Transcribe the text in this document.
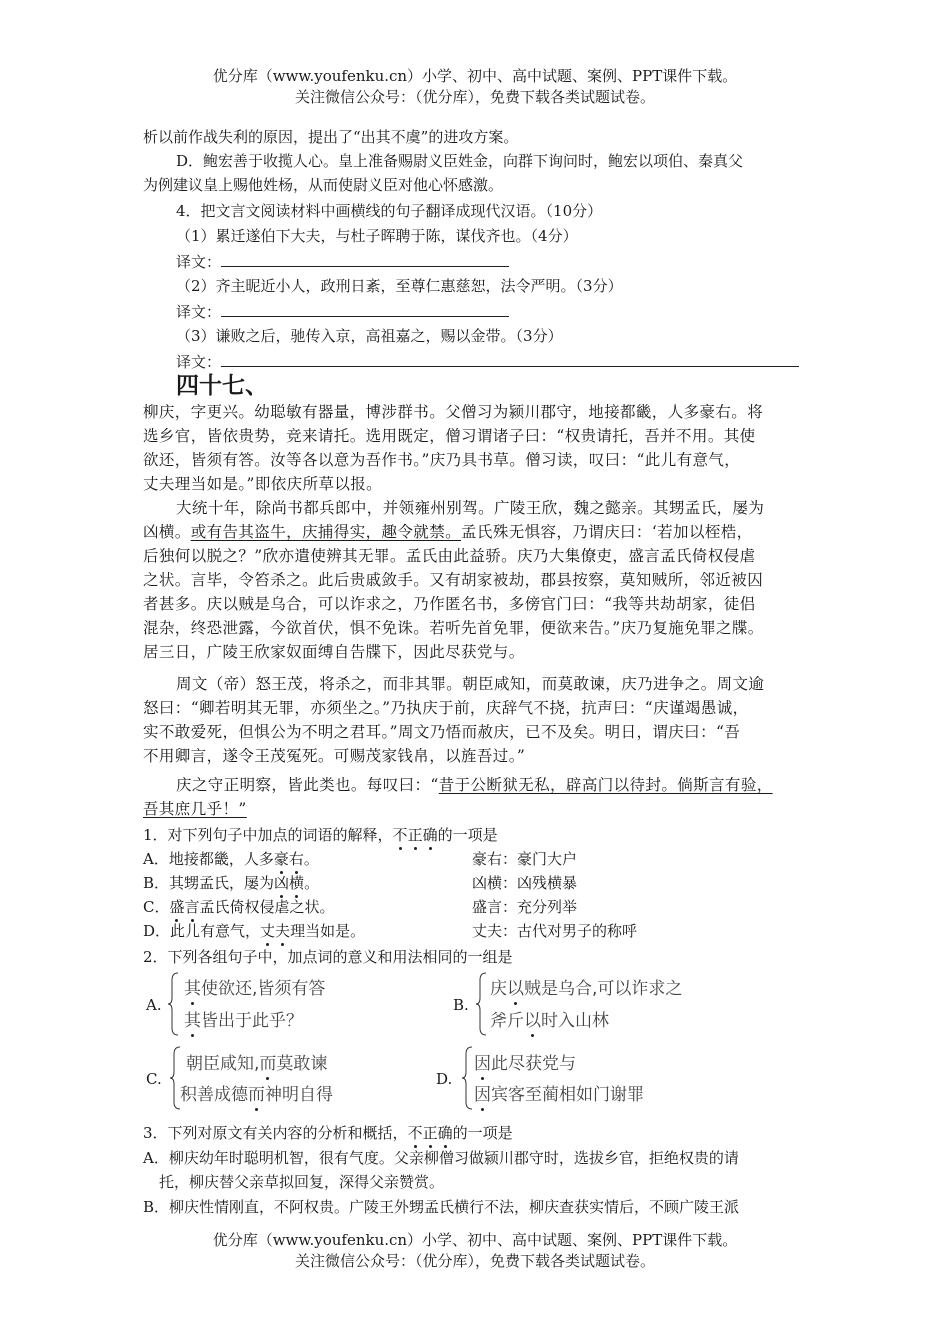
优分库（www.youfenku.cn）小学、初中、高中试题、案例、PPT课件下载。
关注微信公众号：（优分库），免费下载各类试题试卷。
析以前作战失利的原因，提出了“出其不虞”的进攻方案。
D．鲍宏善于收揽人心。皇上准备赐尉义臣姓金，向群下询问时，鲍宏以项伯、秦真父
为例建议皇上赐他姓杨，从而使尉义臣对他心怀感激。
4．把文言文阅读材料中画横线的句子翻译成现代汉语。（10分）
（1）累迁遂伯下大夫，与杜子晖聘于陈，谋伐齐也。（4分）
译文：
（2）齐主昵近小人，政刑日紊，至尊仁惠慈恕，法令严明。（3分）
译文：
（3）谦败之后，驰传入京，高祖嘉之，赐以金带。（3分）
译文：
四十七、
柳庆，字更兴。幼聪敏有器量，博涉群书。父僧习为颍川郡守，地接都畿，人多豪右。将
选乡官，皆依贵势，竞来请托。选用既定，僧习谓诸子曰：“权贵请托，吾并不用。其使
欲还，皆须有答。汝等各以意为吾作书。”庆乃具书草。僧习读，叹曰：“此儿有意气，
丈夫理当如是。”即依庆所草以报。
大统十年，除尚书都兵郎中，并领雍州别驾。广陵王欣，魏之懿亲。其甥孟氏，屡为
凶横。或有告其盗牛，庆捕得实，趣令就禁。孟氏殊无惧容，乃谓庆曰：‘若加以桎梏，
后独何以脱之？”欣亦遣使辨其无罪。孟氏由此益骄。庆乃大集僚吏，盛言孟氏倚权侵虐
之状。言毕，令笞杀之。此后贵戚敛手。又有胡家被劫，郡县按察，莫知贼所，邻近被囚
者甚多。庆以贼是乌合，可以诈求之，乃作匿名书，多傍官门曰：“我等共劫胡家，徒侣
混杂，终恐泄露，今欲首伏，惧不免诛。若听先首免罪，便欲来告。”庆乃复施免罪之牒。
居三日，广陵王欣家奴面缚自告牒下，因此尽获党与。
周文（帝）怒王茂，将杀之，而非其罪。朝臣咸知，而莫敢谏，庆乃进争之。周文逾
怒曰：“卿若明其无罪，亦须坐之。”乃执庆于前，庆辞气不挠，抗声曰：“庆谨竭愚诚，
实不敢爱死，但惧公为不明之君耳。”周文乃悟而赦庆，已不及矣。明日，谓庆曰：“吾
不用卿言，遂令王茂冤死。可赐茂家钱帛，以旌吾过。”
庆之守正明察，皆此类也。每叹曰：“昔于公断狱无私，辟高门以待封。倘斯言有验，
吾其庶几乎！”
1．对下列句子中加点的词语的解释，不正确的一项是
A．地接都畿，人多豪右。	豪右：豪门大户
B．其甥孟氏，屡为凶横。	凶横：凶残横暴
C．盛言孟氏倚权侵虐之状。	盛言：充分列举
D．此儿有意气，丈夫理当如是。	丈夫：古代对男子的称呼
2．下列各组句子中，加点词的意义和用法相同的一组是
A.
其使欲还,皆须有答
其皆出于此乎？
B.
庆以贼是乌合,可以诈求之
斧斤以时入山林
C.
朝臣咸知,而莫敢谏
积善成德而神明自得
D.
因此尽获党与
因宾客至蔺相如门谢罪
3．下列对原文有关内容的分析和概括，不正确的一项是
A．柳庆幼年时聪明机智，很有气度。父亲柳僧习做颍川郡守时，选拔乡官，拒绝权贵的请
托，柳庆替父亲草拟回复，深得父亲赞赏。
B．柳庆性情刚直，不阿权贵。广陵王外甥孟氏横行不法，柳庆查获实情后，不顾广陵王派
优分库（www.youfenku.cn）小学、初中、高中试题、案例、PPT课件下载。
关注微信公众号：（优分库），免费下载各类试题试卷。
